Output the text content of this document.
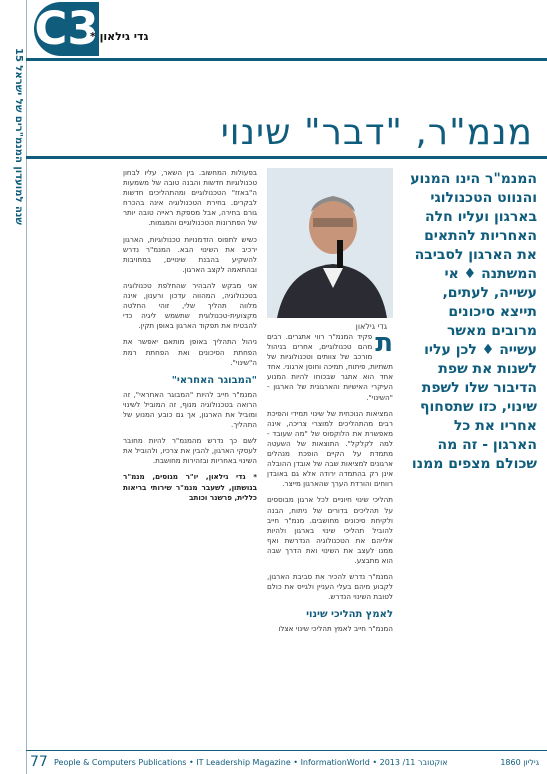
15 שנה למועדון המנמ"רים של ישראל
C3
גדי גילאון *
מנמ"ר, "דבר" שינוי
המנמ"ר הינו המנוע והנווט הטכנולוגי בארגון ועליו חלה האחריות להתאים את הארגון לסביבה המשתנה ♦ אי עשייה, לעתים, תייצא סיכונים מרובים מאשר עשייה ♦ לכן עליו לשנות את שפת הדיבור שלו לשפת שינוי, כזו שתסחוף אחריו את כל הארגון - זה מה שכולם מצפים ממנו
גדי גילאון

ת
פקיד המנמ"ר רווי אתגרים. רבים מהם טכנולוגיים, אחרים בניהול מורכב של צוותים וטכנולוגיות של תשתיות, פיתוח, תמיכה וחוסן ארגוני. אחד אחד הוא אתגר שבכוחו להיות המנוע העיקרי האישיות והארגונית של הארגון - "השינוי".

המציאות הנוכחית של שינוי תמידי והפיכת רבים מהתהליכים למוצרי צריכה, אינה מאפשרת את הלוקסוס של "מה שעובד - למה לקלקל". התוצאות של השעטה מתמדת על הקיים הופכת מנהלים ארגונים למציאות שבה של אובדן ההובלה אינן רק בהתמדה ירודה אלא גם באובדן רווחים והורדת הערך שהארגון מייצר.

תהליכי שינוי חיוניים לכל ארגון מבוססים על תהליכים בדורים של ניתוח, הבנה ולקיחת סיכונים מחושבים. מנמ"ר חייב להוביל תהליכי שינוי בארגון ולהיות אלייהם את הטכנולוגיה הנדרשת ואף ממנו לעצב את השינוי ואת הדרך שבה הוא מתבצע.

המנמ"ר נדרש להכיר את סביבת הארגון, לקבוע מיהם בעלי העניין ולגייס את כולם לטובת השינוי הנדרש.

לאמץ תהליכי שינוי

המנמ"ר חייב לאמץ תהליכי שינוי אצלו

בפעולות המחשוב. בין השאר, עליו לבחון טכנולוגיות חדשות והבנה טובה של משמעות ה"באזז" הטכנולוגיים ומהתהליכים חדשות לבקרים. בחירת הטכנולוגיה אינה בהכרח גורם בחירה, אבל מספקת ראייה טובה יותר של הפתרונות הטכנולוגיים והמגמות.

כשיש לתפוס הזדמנויות טכנולוגיות, הארגון ירכיב את השינוי הבא. המנמ"ר נדרש להשקיע בהבנת שינויים, במחויבות ובהתאמה לקצב הארגון.

אני מבקש להבהיר שהחלפת טכנולוגיה בטכנולוגיה, המהווה עדכון ורענון, אינה מלווה תהליך שלי, זוהי החלטה מקצועית-טכנולוגית שתשמש ליגיה כדי להבטיח את תפקוד הארגון באופן תקין.

ניהול התהליך באופן מותאם יאפשר את הפחתת הסיכונים ואת הפחתת רמת ה"שינוי".

"המבוגר האחראי"

המנמ"ר חייב להיות "המבוגר האחראי", זה הרואה בטכנולוגיה מנוף, זה המוביל לשינוי ומוביל את הארגון, אך גם כובע המנוע של התהליך.

לשם כך נדרש מהמנמ"ר להיות מחובר לעסקי הארגון, להבין את צרכיו, ולהוביל את השינוי באחריות ובזהירות מחושבת.

* גדי גילאון, יו"ר מגוסים, מנמ"ר בנושתון, לשעבר מנמ"ר שירותי בריאות כללית, פרשנר וכותב

77 People & Computers Publications • IT Leadership Magazine • InformationWorld • 2013 /אוקטובר 11	גיליון 1860
